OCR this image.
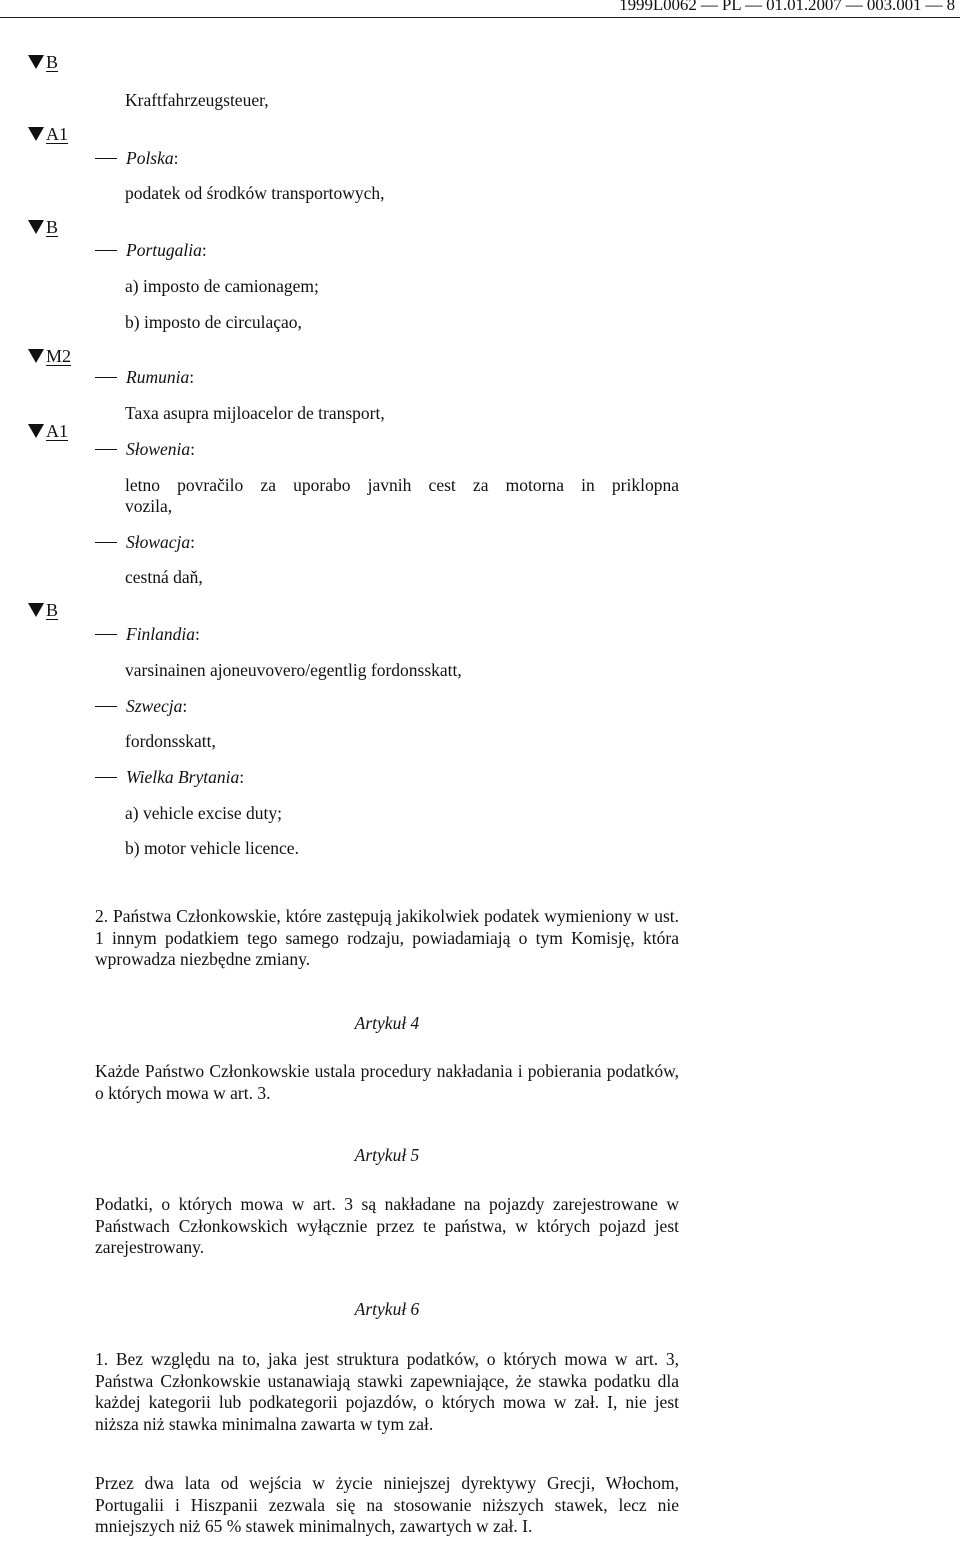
1999L0062 — PL — 01.01.2007 — 003.001 — 8
B
A1
B
M2
A1
B
Kraftfahrzeugsteuer,
Polska:
podatek od środków transportowych,
Portugalia:
a) imposto de camionagem;
b) imposto de circulaçao,
Rumunia:
Taxa asupra mijloacelor de transport,
Słowenia:
letno povračilo za uporabo javnih cest za motorna in priklopna
vozila,
Słowacja:
cestná daň,
Finlandia:
varsinainen ajoneuvovero/egentlig fordonsskatt,
Szwecja:
fordonsskatt,
Wielka Brytania:
a) vehicle excise duty;
b) motor vehicle licence.
2. Państwa Członkowskie, które zastępują jakikolwiek podatek wymieniony w ust. 1 innym podatkiem tego samego rodzaju, powiadamiają o tym Komisję, która wprowadza niezbędne zmiany.
Artykuł 4
Każde Państwo Członkowskie ustala procedury nakładania i pobierania podatków, o których mowa w art. 3.
Artykuł 5
Podatki, o których mowa w art. 3 są nakładane na pojazdy zarejestrowane w Państwach Członkowskich wyłącznie przez te państwa, w których pojazd jest zarejestrowany.
Artykuł 6
1. Bez względu na to, jaka jest struktura podatków, o których mowa w art. 3, Państwa Członkowskie ustanawiają stawki zapewniające, że stawka podatku dla każdej kategorii lub podkategorii pojazdów, o których mowa w zał. I, nie jest niższa niż stawka minimalna zawarta w tym zał.
Przez dwa lata od wejścia w życie niniejszej dyrektywy Grecji, Włochom, Portugalii i Hiszpanii zezwala się na stosowanie niższych stawek, lecz nie mniejszych niż 65 % stawek minimalnych, zawartych w zał. I.
